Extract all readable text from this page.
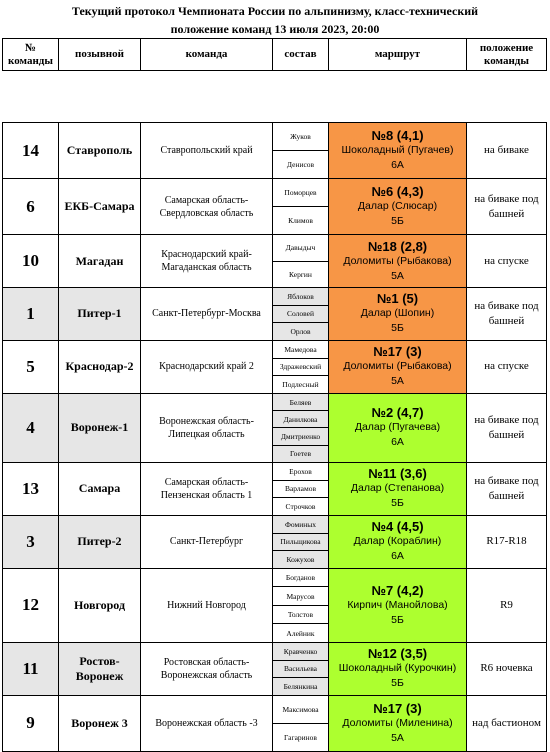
Текущий протокол Чемпионата России по альпинизму, класс-технический
положение команд 13 июля 2023, 20:00
№ команды	позывной	команда	состав	маршрут	положение команды
14	Ставрополь	Ставропольский край	Жуков	№8 (4,1)
Шоколадный (Пугачев)
6А	на биваке
			Денисов		
6	ЕКБ-Самара	Самарская область-Свердловская область	Поморцев	№6 (4,3)
Далар (Слюсар)
5Б	на биваке под башней
			Климов		
10	Магадан	Краснодарский край-Магаданская область	Давыдыч	№18 (2,8)
Доломиты (Рыбакова)
5А	на спуске
			Кергин		
1	Питер-1	Санкт-Петербург-Москва	Яблоков	№1 (5)
Далар (Шопин)
5Б	на биваке под башней
			Соловей		
			Орлов		
5	Краснодар-2	Краснодарский край 2	Мамедова	№17 (3)
Доломиты (Рыбакова)
5А	на спуске
			Здражевский		
			Подлесный		
4	Воронеж-1	Воронежская область- Липецкая область	Беляев	№2 (4,7)
Далар (Пугачева)
6А	на биваке под башней
			Данилкова		
			Дмитриенко		
			Гоетев		
13	Самара	Самарская область-Пензенская область 1	Ерохов	№11 (3,6)
Далар (Степанова)
5Б	на биваке под башней
			Варламов		
			Строчков		
3	Питер-2	Санкт-Петербург	Фоминых	№4 (4,5)
Далар (Кораблин)
6А	R17-R18
			Пильщикова		
			Кожухов		
12	Новгород	Нижний Новгород	Богданов	№7 (4,2)
Кирпич (Манойлова)
5Б	R9
			Марусов		
			Толстов		
			Алейник		
11	Ростов-Воронеж	Ростовская область-Воронежская область	Кравченко	№12 (3,5)
Шоколадный (Курочкин)
5Б	R6 ночевка
			Васильева		
			Белянкина		
9	Воронеж 3	Воронежская область -3	Максимова	№17 (3)
Доломиты (Миленина)
5А	над бастионом
			Гагаринов		
